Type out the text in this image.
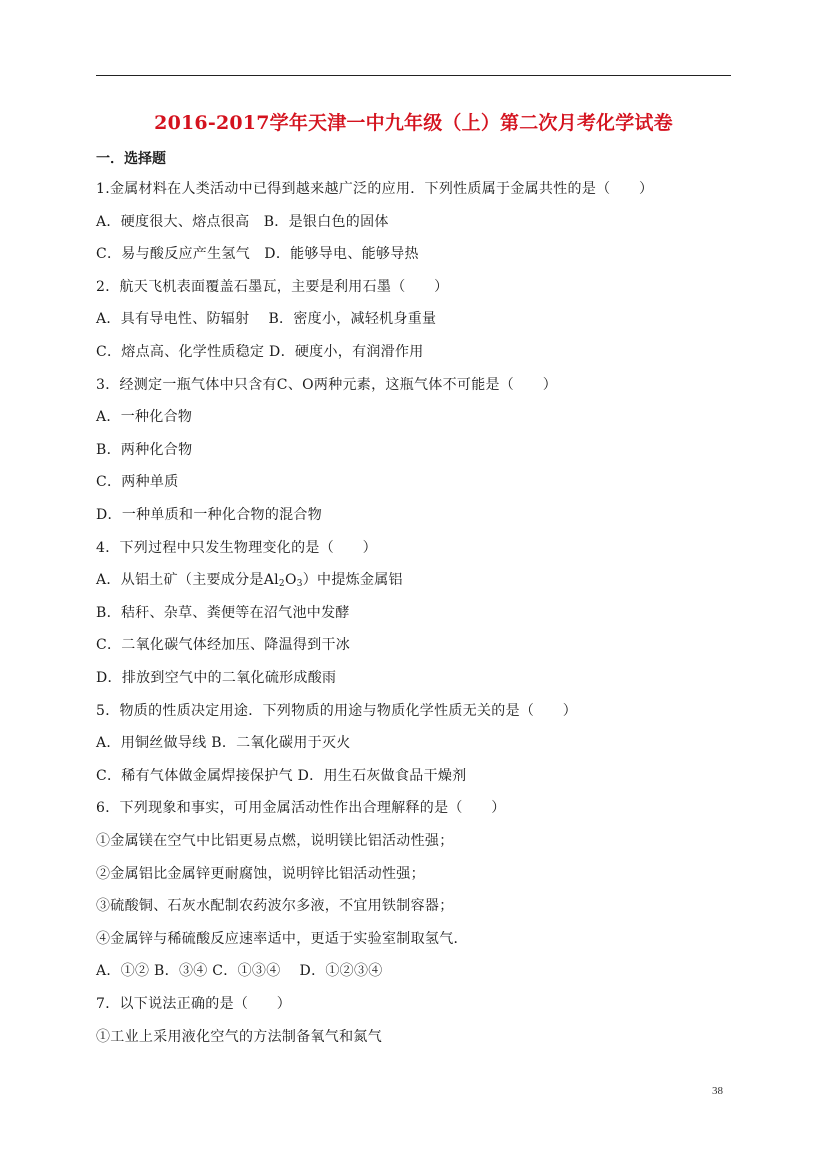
2016-2017学年天津一中九年级（上）第二次月考化学试卷
一．选择题
1.金属材料在人类活动中已得到越来越广泛的应用．下列性质属于金属共性的是（　　）
A．硬度很大、熔点很高　B．是银白色的固体
C．易与酸反应产生氢气　D．能够导电、能够导热
2．航天飞机表面覆盖石墨瓦，主要是利用石墨（　　）
A．具有导电性、防辐射　 B．密度小，减轻机身重量
C．熔点高、化学性质稳定 D．硬度小，有润滑作用
3．经测定一瓶气体中只含有C、O两种元素，这瓶气体不可能是（　　）
A．一种化合物
B．两种化合物
C．两种单质
D．一种单质和一种化合物的混合物
4．下列过程中只发生物理变化的是（　　）
A．从铝土矿（主要成分是$Al_2O_3$）中提炼金属铝
B．秸秆、杂草、粪便等在沼气池中发酵
C．二氧化碳气体经加压、降温得到干冰
D．排放到空气中的二氧化硫形成酸雨
5．物质的性质决定用途．下列物质的用途与物质化学性质无关的是（　　）
A．用铜丝做导线 B．二氧化碳用于灭火
C．稀有气体做金属焊接保护气 D．用生石灰做食品干燥剂
6．下列现象和事实，可用金属活动性作出合理解释的是（　　）
①金属镁在空气中比铝更易点燃，说明镁比铝活动性强；
②金属铝比金属锌更耐腐蚀，说明锌比铝活动性强；
③硫酸铜、石灰水配制农药波尔多液，不宜用铁制容器；
④金属锌与稀硫酸反应速率适中，更适于实验室制取氢气．
A．①② B．③④ C．①③④　 D．①②③④
7．以下说法正确的是（　　）
①工业上采用液化空气的方法制备氧气和氮气
38
